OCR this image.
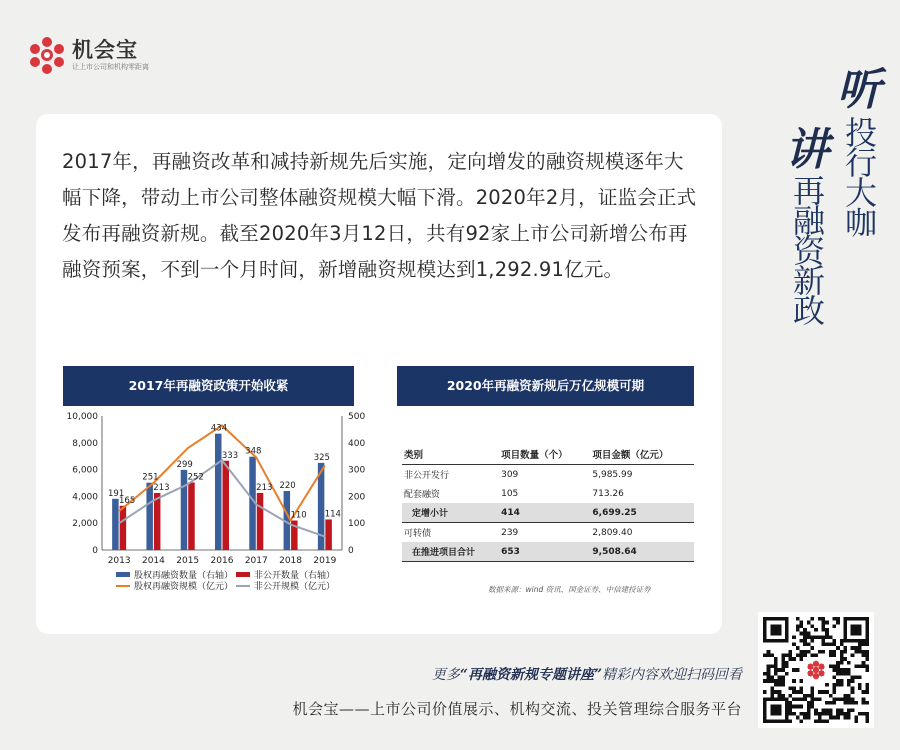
机会宝
让上市公司和机构零距离	听
投行大咖
讲
再融资新政

2017年，再融资改革和减持新规先后实施，定向增发的融资规模逐年大幅下降，带动上市公司整体融资规模大幅下滑。2020年2月，证监会正式发布再融资新规。截至2020年3月12日，共有92家上市公司新增公布再融资预案，不到一个月时间，新增融资规模达到1,292.91亿元。

2017年再融资政策开始收紧	2020年再融资新规后万亿规模可期
191
251
299
434
348
220
325
165
213
252
333
213
110 114
0
2,000
4,000
6,000
8,000
10,000
0
100
200
300
400
500
2013 2014 2015 2016 2017 2018 2019
股权再融资数量（右轴） 非公开数量（右轴）
股权再融资规模（亿元） 非公开规模（亿元）
类别	项目数量（个）	项目金额（亿元）
非公开发行	309	5,985.99
配套融资	105	713.26
定增小计	414	6,699.25
可转债	239	2,809.40
在推进项目合计	653	9,508.64
数据来源：wind 资讯、国金证券、中信建投证券
更多“再融资新规专题讲座”精彩内容欢迎扫码回看
机会宝——上市公司价值展示、机构交流、投关管理综合服务平台
